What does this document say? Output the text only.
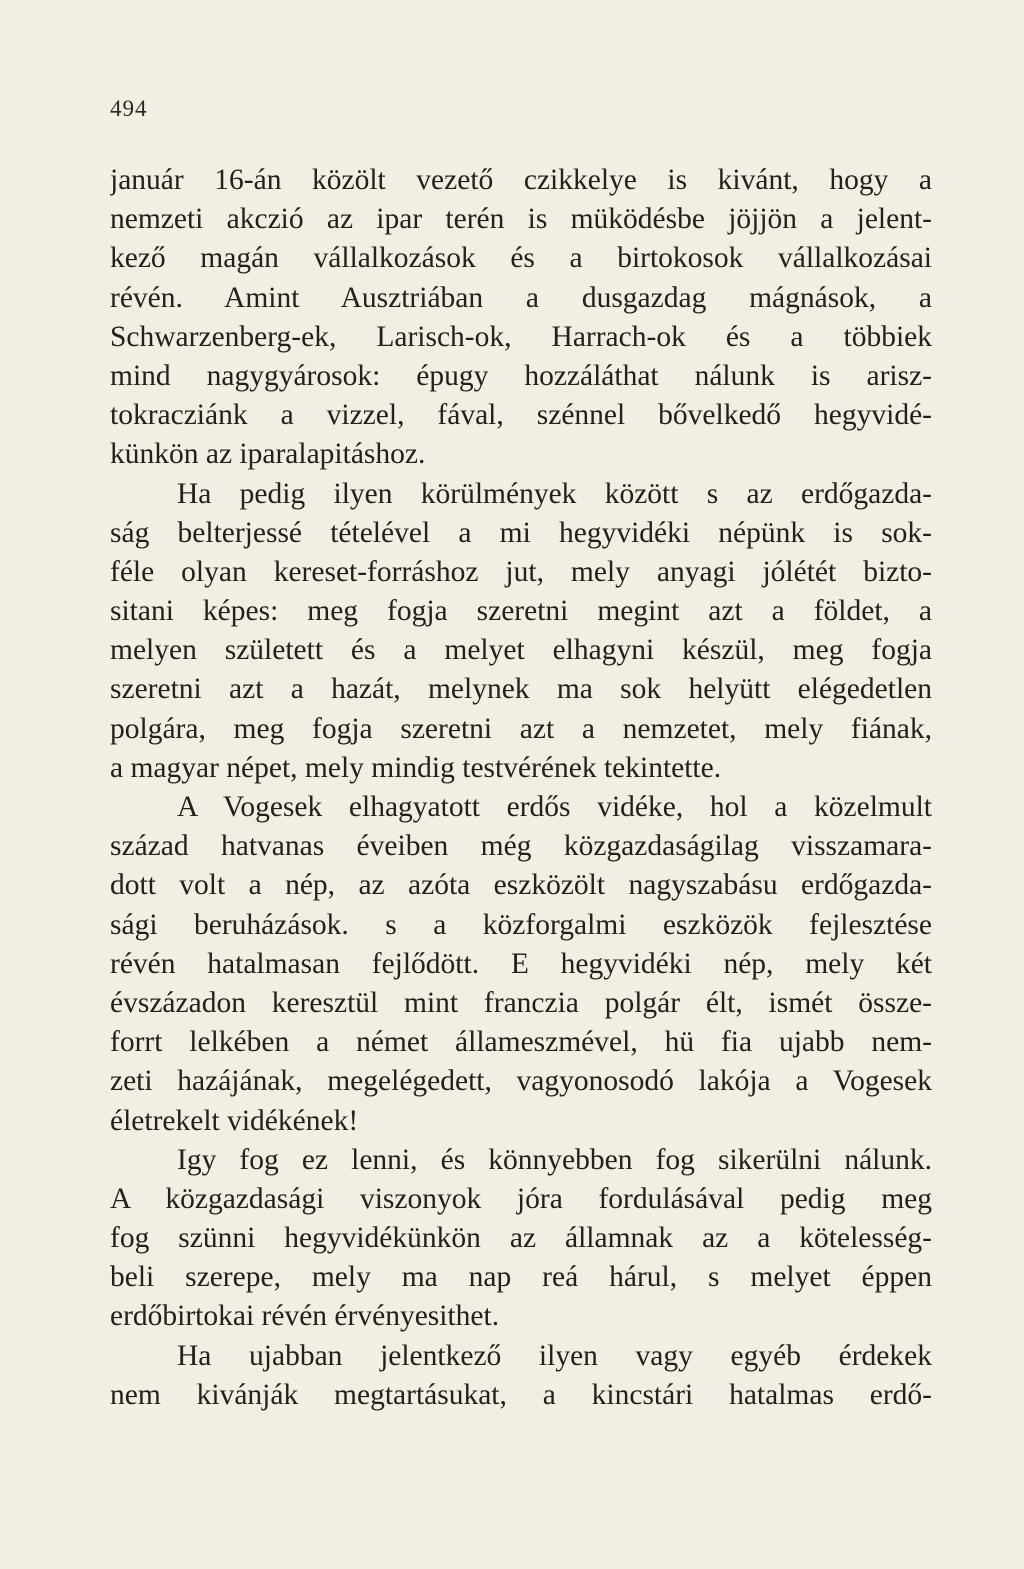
494
január 16-án közölt vezető czikkelye is kivánt, hogy a
nemzeti akczió az ipar terén is müködésbe jöjjön a jelent-
kező magán vállalkozások és a birtokosok vállalkozásai
révén. Amint Ausztriában a dusgazdag mágnások, a
Schwarzenberg-ek, Larisch-ok, Harrach-ok és a többiek
mind nagygyárosok: épugy hozzáláthat nálunk is arisz-
tokracziánk a vizzel, fával, szénnel bővelkedő hegyvidé-
künkön az iparalapitáshoz.
Ha pedig ilyen körülmények között s az erdőgazda-
ság belterjessé tételével a mi hegyvidéki népünk is sok-
féle olyan kereset-forráshoz jut, mely anyagi jólétét bizto-
sitani képes: meg fogja szeretni megint azt a földet, a
melyen született és a melyet elhagyni készül, meg fogja
szeretni azt a hazát, melynek ma sok helyütt elégedetlen
polgára, meg fogja szeretni azt a nemzetet, mely fiának,
a magyar népet, mely mindig testvérének tekintette.
A Vogesek elhagyatott erdős vidéke, hol a közelmult
század hatvanas éveiben még közgazdaságilag visszamara-
dott volt a nép, az azóta eszközölt nagyszabásu erdőgazda-
sági beruházások. s a közforgalmi eszközök fejlesztése
révén hatalmasan fejlődött. E hegyvidéki nép, mely két
évszázadon keresztül mint franczia polgár élt, ismét össze-
forrt lelkében a német állameszmével, hü fia ujabb nem-
zeti hazájának, megelégedett, vagyonosodó lakója a Vogesek
életrekelt vidékének!
Igy fog ez lenni, és könnyebben fog sikerülni nálunk.
A közgazdasági viszonyok jóra fordulásával pedig meg
fog szünni hegyvidékünkön az államnak az a kötelesség-
beli szerepe, mely ma nap reá hárul, s melyet éppen
erdőbirtokai révén érvényesithet.
Ha ujabban jelentkező ilyen vagy egyéb érdekek
nem kivánják megtartásukat, a kincstári hatalmas erdő-
